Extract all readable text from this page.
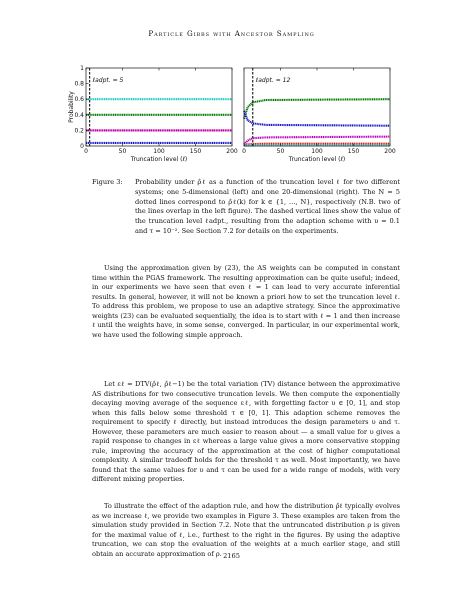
Particle Gibbs with Ancestor Sampling
0	50	100	150	200
0
0.2
0.4
0.6
0.8
1
ℓadpt. = 5
Truncation level (ℓ)
Probability
0	50	100	150	200
ℓadpt. = 12
Truncation level (ℓ)
Figure 3:	Probability under ρ̂ℓ as a function of the truncation level ℓ for two different systems; one 5-dimensional (left) and one 20-dimensional (right). The N = 5 dotted lines correspond to ρ̂ℓ(k) for k ∈ {1, …, N}, respectively (N.B. two of the lines overlap in the left figure). The dashed vertical lines show the value of the truncation level ℓadpt., resulting from the adaption scheme with υ = 0.1 and τ = 10⁻². See Section 7.2 for details on the experiments.

Using the approximation given by (23), the AS weights can be computed in constant time within the PGAS framework. The resulting approximation can be quite useful; indeed, in our experiments we have seen that even ℓ = 1 can lead to very accurate inferential results. In general, however, it will not be known a priori how to set the truncation level ℓ. To address this problem, we propose to use an adaptive strategy. Since the approximative weights (23) can be evaluated sequentially, the idea is to start with ℓ = 1 and then increase ℓ until the weights have, in some sense, converged. In particular, in our experimental work, we have used the following simple approach.

Let εℓ = DTV(ρ̂ℓ, ρ̂ℓ−1) be the total variation (TV) distance between the approximative AS distributions for two consecutive truncation levels. We then compute the exponentially decaying moving average of the sequence εℓ, with forgetting factor υ ∈ [0, 1], and stop when this falls below some threshold τ ∈ [0, 1]. This adaption scheme removes the requirement to specify ℓ directly, but instead introduces the design parameters υ and τ. However, these parameters are much easier to reason about — a small value for υ gives a rapid response to changes in εℓ whereas a large value gives a more conservative stopping rule, improving the accuracy of the approximation at the cost of higher computational complexity. A similar tradeoff holds for the threshold τ as well. Most importantly, we have found that the same values for υ and τ can be used for a wide range of models, with very different mixing properties.

To illustrate the effect of the adaption rule, and how the distribution ρ̂ℓ typically evolves as we increase ℓ, we provide two examples in Figure 3. These examples are taken from the simulation study provided in Section 7.2. Note that the untruncated distribution ρ is given for the maximal value of ℓ, i.e., furthest to the right in the figures. By using the adaptive truncation, we can stop the evaluation of the weights at a much earlier stage, and still obtain an accurate approximation of ρ. 2165
